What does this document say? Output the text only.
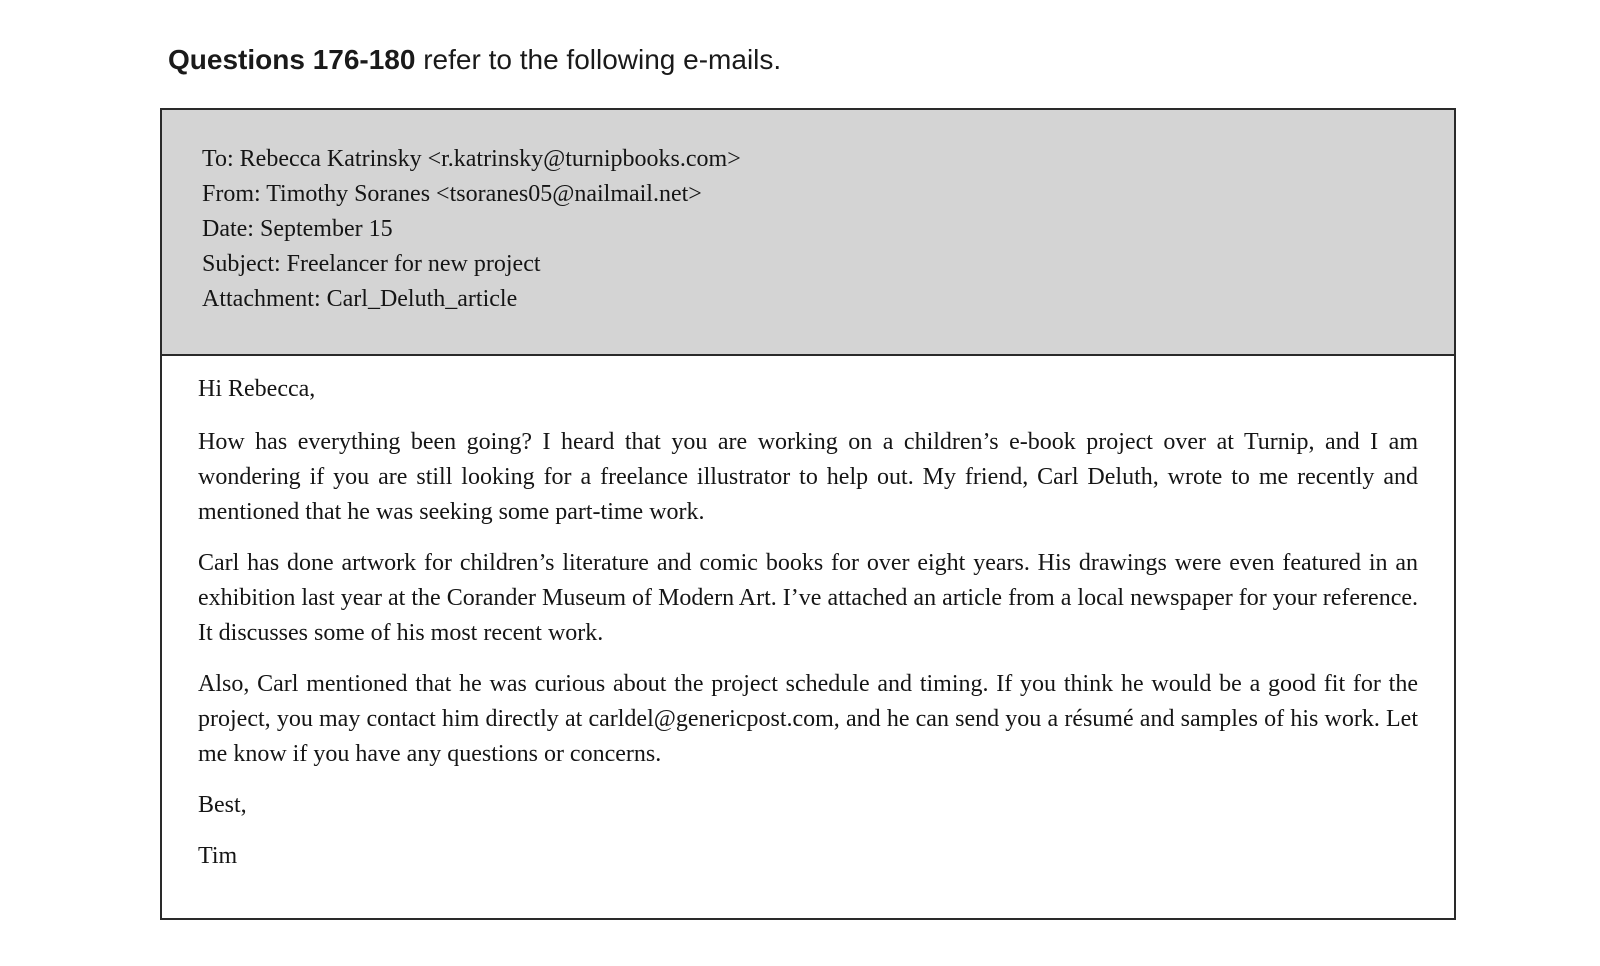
Questions 176-180 refer to the following e-mails.
To: Rebecca Katrinsky <r.katrinsky@turnipbooks.com>
From: Timothy Soranes <tsoranes05@nailmail.net>
Date: September 15
Subject: Freelancer for new project
Attachment: Carl_Deluth_article

Hi Rebecca,

How has everything been going? I heard that you are working on a children’s e-book project over at Turnip, and I am wondering if you are still looking for a freelance illustrator to help out. My friend, Carl Deluth, wrote to me recently and mentioned that he was seeking some part-time work.

Carl has done artwork for children’s literature and comic books for over eight years. His drawings were even featured in an exhibition last year at the Corander Museum of Modern Art. I’ve attached an article from a local newspaper for your reference. It discusses some of his most recent work.

Also, Carl mentioned that he was curious about the project schedule and timing. If you think he would be a good fit for the project, you may contact him directly at carldel@genericpost.com, and he can send you a résumé and samples of his work. Let me know if you have any questions or concerns.

Best,

Tim
